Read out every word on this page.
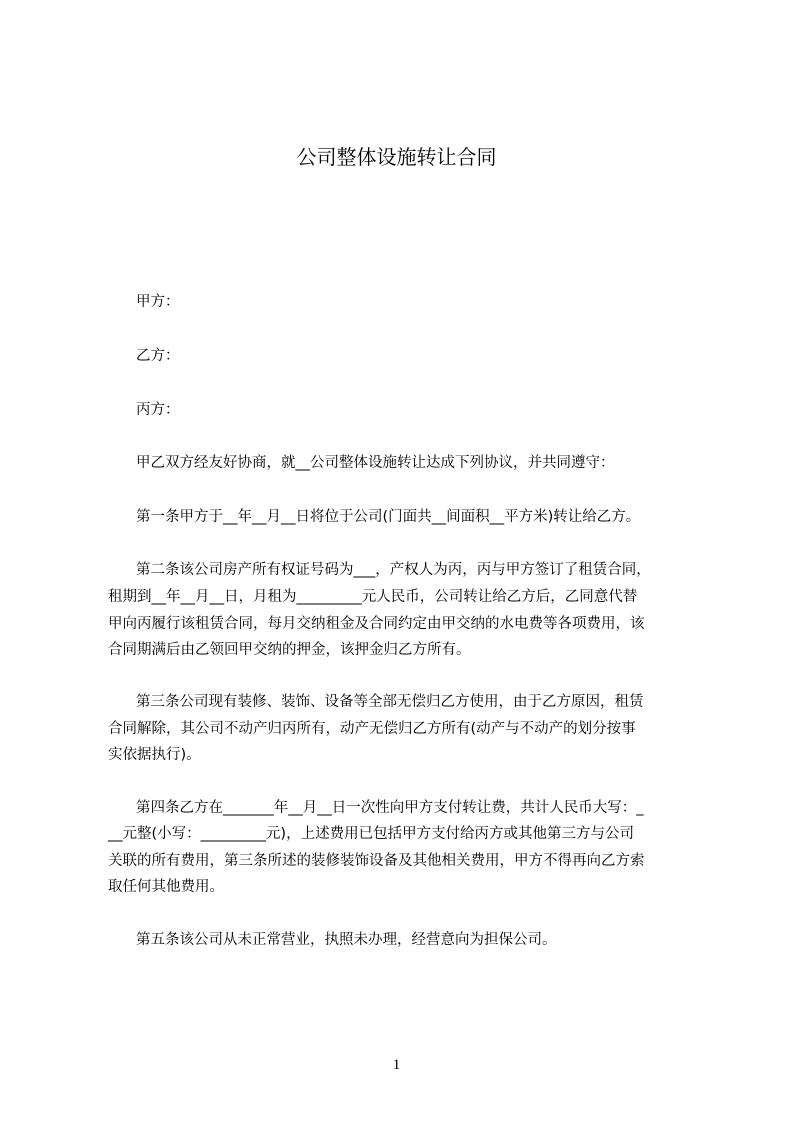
公司整体设施转让合同
甲方：
乙方：
丙方：
甲乙双方经友好协商，就__公司整体设施转让达成下列协议，并共同遵守：
第一条甲方于__年__月__日将位于公司(门面共__间面积__平方米)转让给乙方。
第二条该公司房产所有权证号码为___，产权人为丙，丙与甲方签订了租赁合同，
租期到__年__月__日，月租为_________元人民币，公司转让给乙方后，乙同意代替
甲向丙履行该租赁合同，每月交纳租金及合同约定由甲交纳的水电费等各项费用，该
合同期满后由乙领回甲交纳的押金，该押金归乙方所有。
第三条公司现有装修、装饰、设备等全部无偿归乙方使用，由于乙方原因，租赁
合同解除，其公司不动产归丙所有，动产无偿归乙方所有(动产与不动产的划分按事
实依据执行)。
第四条乙方在_______年__月__日一次性向甲方支付转让费，共计人民币大写：_
__元整(小写：_________元)，上述费用已包括甲方支付给丙方或其他第三方与公司
关联的所有费用，第三条所述的装修装饰设备及其他相关费用，甲方不得再向乙方索
取任何其他费用。
第五条该公司从未正常营业，执照未办理，经营意向为担保公司。
1
